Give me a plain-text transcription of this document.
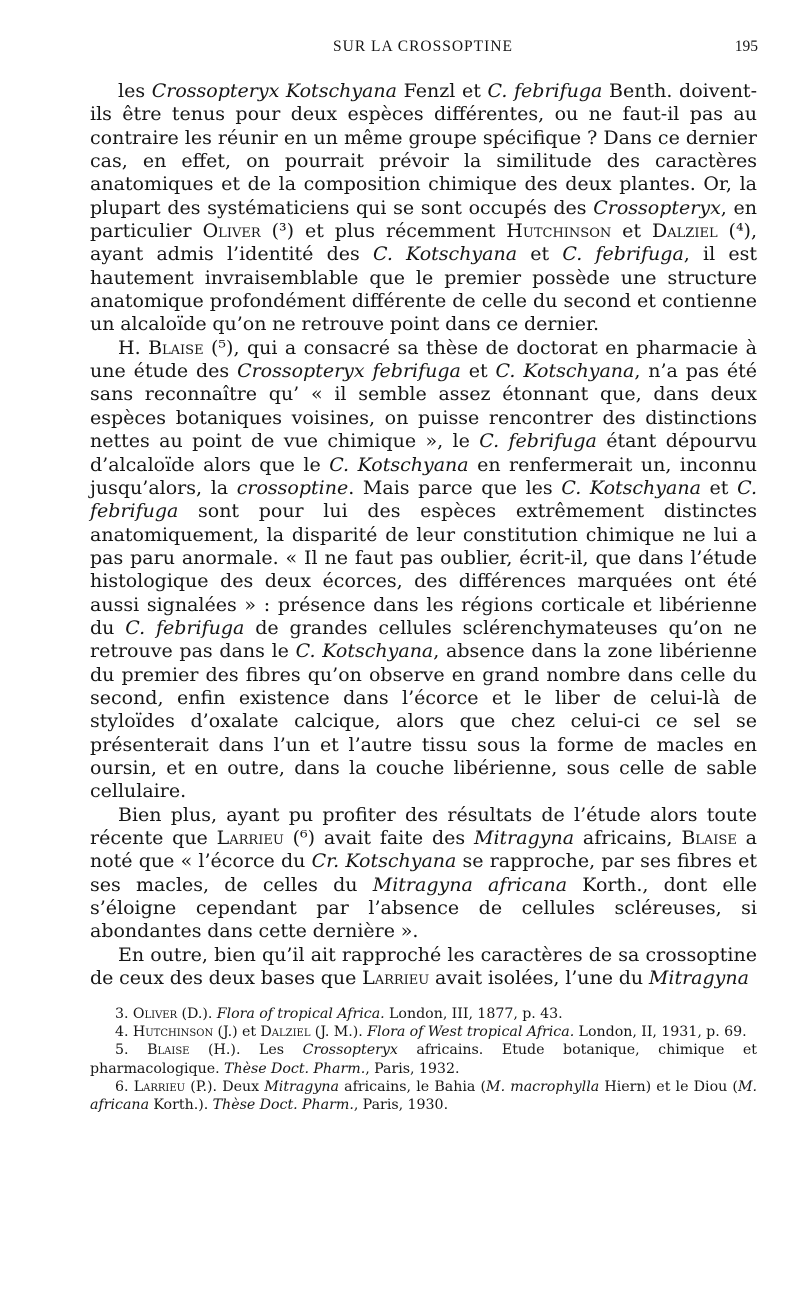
SUR LA CROSSOPTINE	195

les Crossopteryx Kotschyana Fenzl et C. febrifuga Benth. doivent-ils être tenus pour deux espèces différentes, ou ne faut-il pas au contraire les réunir en un même groupe spécifique ? Dans ce dernier cas, en effet, on pourrait prévoir la similitude des caractères anatomiques et de la composition chimique des deux plantes. Or, la plupart des systématiciens qui se sont occupés des Crossopteryx, en particulier Oliver (³) et plus récemment Hutchinson et Dalziel (⁴), ayant admis l’identité des C. Kotschyana et C. febrifuga, il est hautement invraisemblable que le premier possède une structure anatomique profondément différente de celle du second et contienne un alcaloïde qu’on ne retrouve point dans ce dernier.

H. Blaise (⁵), qui a consacré sa thèse de doctorat en pharmacie à une étude des Crossopteryx febrifuga et C. Kotschyana, n’a pas été sans reconnaître qu’ « il semble assez étonnant que, dans deux espèces botaniques voisines, on puisse rencontrer des distinctions nettes au point de vue chimique », le C. febrifuga étant dépourvu d’alcaloïde alors que le C. Kotschyana en renfermerait un, inconnu jusqu’alors, la crossoptine. Mais parce que les C. Kotschyana et C. febrifuga sont pour lui des espèces extrêmement distinctes anatomiquement, la disparité de leur constitution chimique ne lui a pas paru anormale. « Il ne faut pas oublier, écrit-il, que dans l’étude histologique des deux écorces, des différences marquées ont été aussi signalées » : présence dans les régions corticale et libérienne du C. febrifuga de grandes cellules sclérenchymateuses qu’on ne retrouve pas dans le C. Kotschyana, absence dans la zone libérienne du premier des fibres qu’on observe en grand nombre dans celle du second, enfin existence dans l’écorce et le liber de celui-là de styloïdes d’oxalate calcique, alors que chez celui-ci ce sel se présenterait dans l’un et l’autre tissu sous la forme de macles en oursin, et en outre, dans la couche libérienne, sous celle de sable cellulaire.

Bien plus, ayant pu profiter des résultats de l’étude alors toute récente que Larrieu (⁶) avait faite des Mitragyna africains, Blaise a noté que « l’écorce du Cr. Kotschyana se rapproche, par ses fibres et ses macles, de celles du Mitragyna africana Korth., dont elle s’éloigne cependant par l’absence de cellules scléreuses, si abondantes dans cette dernière ».

En outre, bien qu’il ait rapproché les caractères de sa crossoptine de ceux des deux bases que Larrieu avait isolées, l’une du Mitragyna

3. Oliver (D.). Flora of tropical Africa. London, III, 1877, p. 43.

4. Hutchinson (J.) et Dalziel (J. M.). Flora of West tropical Africa. London, II, 1931, p. 69.

5. Blaise (H.). Les Crossopteryx africains. Etude botanique, chimique et pharmacologique. Thèse Doct. Pharm., Paris, 1932.

6. Larrieu (P.). Deux Mitragyna africains, le Bahia (M. macrophylla Hiern) et le Diou (M. africana Korth.). Thèse Doct. Pharm., Paris, 1930.
